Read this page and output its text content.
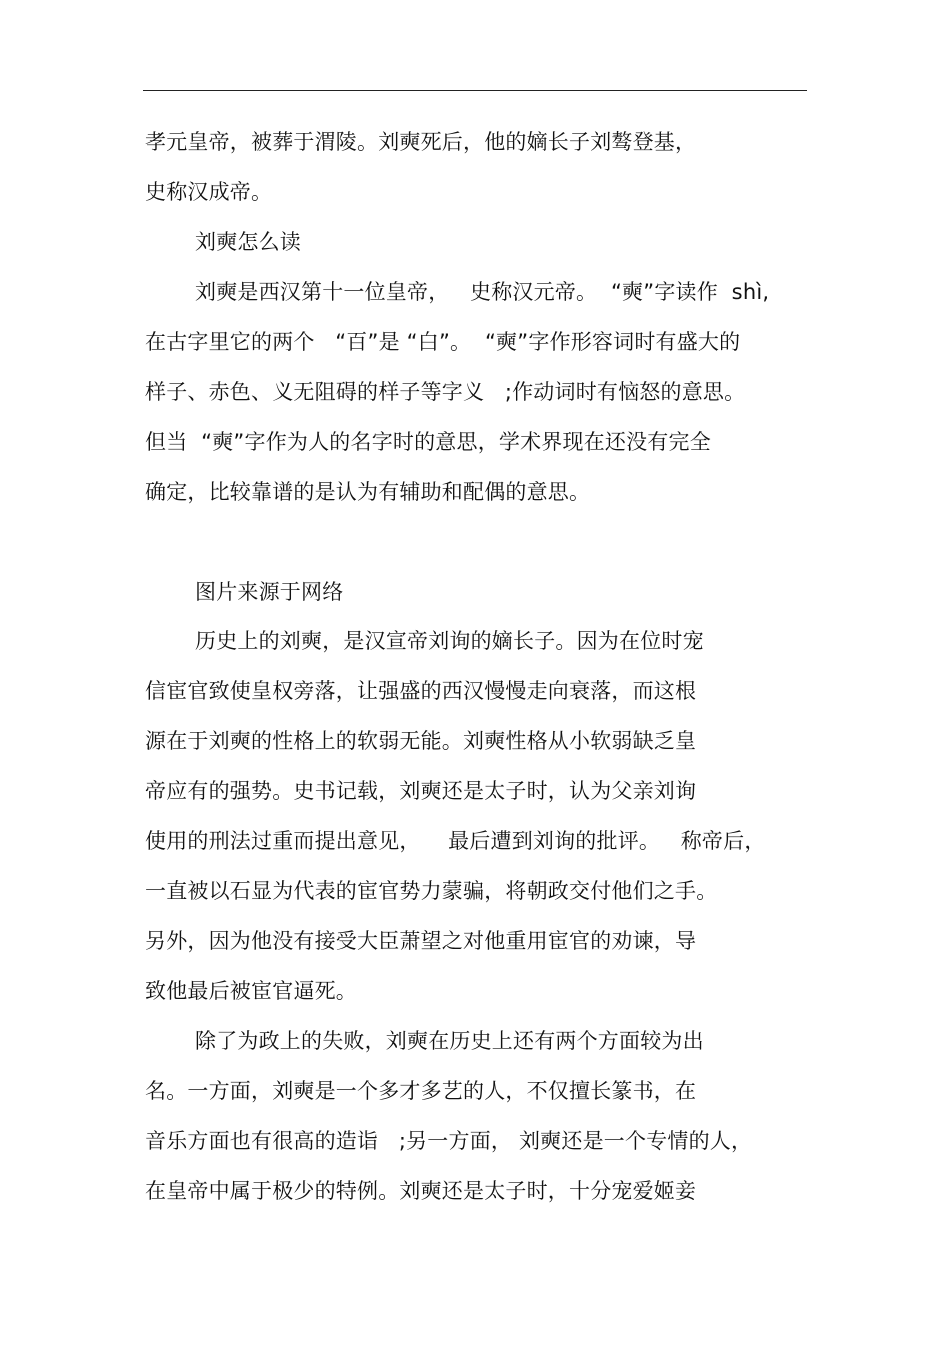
孝元皇帝，被葬于渭陵。刘奭死后，他的嫡长子刘骜登基，
史称汉成帝。
刘奭怎么读
刘奭是西汉第十一位皇帝，   史称汉元帝。  “奭”字读作  shì,
在古字里它的两个   “百”是 “白”。  “奭”字作形容词时有盛大的
样子、赤色、义无阻碍的样子等字义   ;作动词时有恼怒的意思。
但当  “奭”字作为人的名字时的意思，学术界现在还没有完全
确定，比较靠谱的是认为有辅助和配偶的意思。
图片来源于网络
历史上的刘奭，是汉宣帝刘询的嫡长子。因为在位时宠
信宦官致使皇权旁落，让强盛的西汉慢慢走向衰落，而这根
源在于刘奭的性格上的软弱无能。刘奭性格从小软弱缺乏皇
帝应有的强势。史书记载，刘奭还是太子时，认为父亲刘询
使用的刑法过重而提出意见，    最后遭到刘询的批评。   称帝后，
一直被以石显为代表的宦官势力蒙骗，将朝政交付他们之手。
另外，因为他没有接受大臣萧望之对他重用宦官的劝谏，导
致他最后被宦官逼死。
除了为政上的失败，刘奭在历史上还有两个方面较为出
名。一方面，刘奭是一个多才多艺的人，不仅擅长篆书，在
音乐方面也有很高的造诣   ;另一方面， 刘奭还是一个专情的人，
在皇帝中属于极少的特例。刘奭还是太子时，十分宠爱姬妾
